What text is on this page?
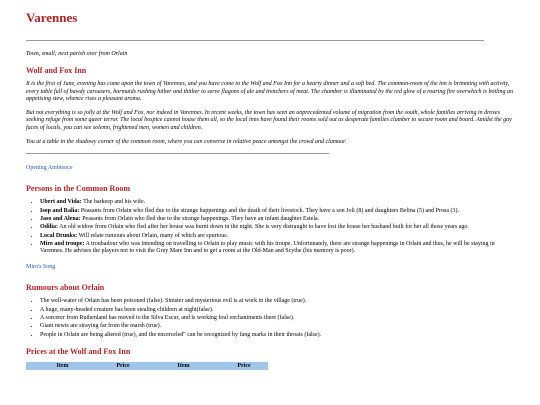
Varennes

Town, small; next parish over from Orlain

Wolf and Fox Inn

It is the first of June, evening has come upon the town of Varennes, and you have come to the Wolf and Fox Inn for a hearty dinner and a soft bed. The common-room of the inn is brimming with activity, every table full of bawdy carousers, barmaids rushing hither and thither to serve flagons of ale and trenchers of meat. The chamber is illuminated by the red glow of a roaring fire overwhich is boiling an appetising stew, whence rises a pleasant aroma.

But not everything is so jolly at the Wolf and Fox, nor indeed in Varennes. In recent weeks, the town has seen an unprecedented volume of migration from the south, whole families arriving in droves seeking refuge from some queer terror. The local hospice cannot house them all, so the local inns have found their rooms sold out as desperate families clamber to secure room and board. Amidst the gay faces of locals, you can see solemn, frightened men, women and children.

You at a table in the shadowy corner of the common room, where you can converse in relative peace amongst the crowd and clamour.

Opening Ambience
Persons in the Common Room
• Ubert and Vida: The barkeep and his wife.
• Isop and Ralia: Peasants from Orlain who fled due to the strange happenings and the death of their livestock. They have a son Joli (8) and daughters Belina (5) and Prosa (3).
• Jaso and Alena: Peasants from Orlain who fled due to the strange happenings. They have an infant daughter Estela.
• Odilia: An old widow from Orlain who fled after her house was burnt down in the night. She is very distraught to have lost the house her husband built for her all those years ago.
• Local Drunks: Will relate rumours about Orlain, many of which are spurious.
• Miro and troupe: A troubadour who was intending on travelling to Orlain to play music with his troupe. Unfortunately, there are strange happenings in Orlain and thus, he will be staying in Varennes. He advises the players not to visit the Grey Mare Inn and to get a room at the Old-Man and Scythe (his memory is poor).
Miro's Song
Rumours about Orlain
• The well-water of Orlain has been poisoned (false). Sinister and mysterious evil is at work in the village (true).
• A huge, many-headed creature has been stealing children at night(false).
• A sorcerer from Ruthenland has moved to the Silva Escur, and is working foul enchantments there (false).
• Giant newts are straying far from the marsh (true).
• People in Orlain are being altered (true), and the ensorceled" can be recognized by fang marks in their throats (false).
Prices at the Wolf and Fox Inn
Item	Price	Item	Price
